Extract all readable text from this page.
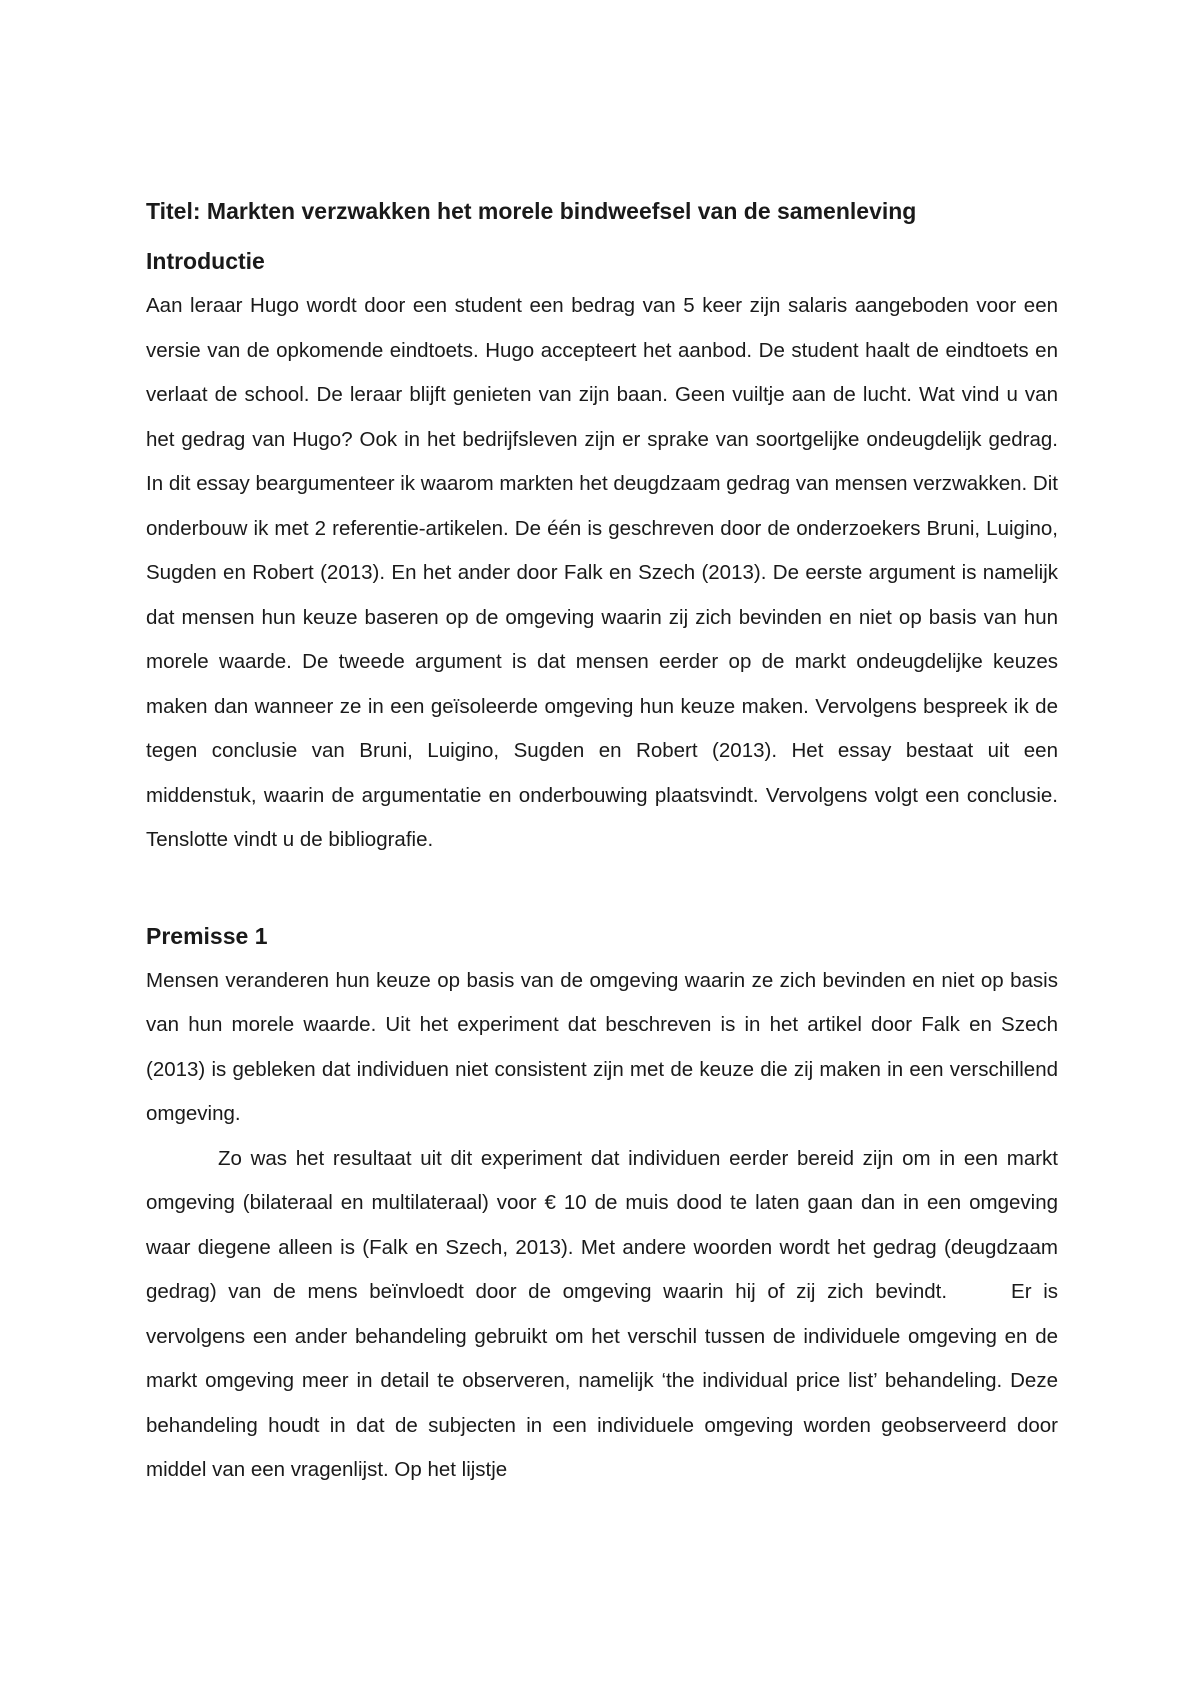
Titel: Markten verzwakken het morele bindweefsel van de samenleving
Introductie

Aan leraar Hugo wordt door een student een bedrag van 5 keer zijn salaris aangeboden voor een versie van de opkomende eindtoets. Hugo accepteert het aanbod. De student haalt de eindtoets en verlaat de school. De leraar blijft genieten van zijn baan. Geen vuiltje aan de lucht. Wat vind u van het gedrag van Hugo? Ook in het bedrijfsleven zijn er sprake van soortgelijke ondeugdelijk gedrag. In dit essay beargumenteer ik waarom markten het deugdzaam gedrag van mensen verzwakken. Dit onderbouw ik met 2 referentie-artikelen. De één is geschreven door de onderzoekers Bruni, Luigino, Sugden en Robert (2013). En het ander door Falk en Szech (2013). De eerste argument is namelijk dat mensen hun keuze baseren op de omgeving waarin zij zich bevinden en niet op basis van hun morele waarde. De tweede argument is dat mensen eerder op de markt ondeugdelijke keuzes maken dan wanneer ze in een geïsoleerde omgeving hun keuze maken. Vervolgens bespreek ik de tegen conclusie van Bruni, Luigino, Sugden en Robert (2013). Het essay bestaat uit een middenstuk, waarin de argumentatie en onderbouwing plaatsvindt. Vervolgens volgt een conclusie. Tenslotte vindt u de bibliografie.

Premisse 1

Mensen veranderen hun keuze op basis van de omgeving waarin ze zich bevinden en niet op basis van hun morele waarde. Uit het experiment dat beschreven is in het artikel door Falk en Szech (2013) is gebleken dat individuen niet consistent zijn met de keuze die zij maken in een verschillend omgeving.

Zo was het resultaat uit dit experiment dat individuen eerder bereid zijn om in een markt omgeving (bilateraal en multilateraal) voor € 10 de muis dood te laten gaan dan in een omgeving waar diegene alleen is (Falk en Szech, 2013). Met andere woorden wordt het gedrag (deugdzaam gedrag) van de mens beïnvloedt door de omgeving waarin hij of zij zich bevindt.	Er is vervolgens een ander behandeling gebruikt om het verschil tussen de individuele omgeving en de markt omgeving meer in detail te observeren, namelijk ‘the individual price list’ behandeling. Deze behandeling houdt in dat de subjecten in een individuele omgeving worden geobserveerd door middel van een vragenlijst. Op het lijstje
